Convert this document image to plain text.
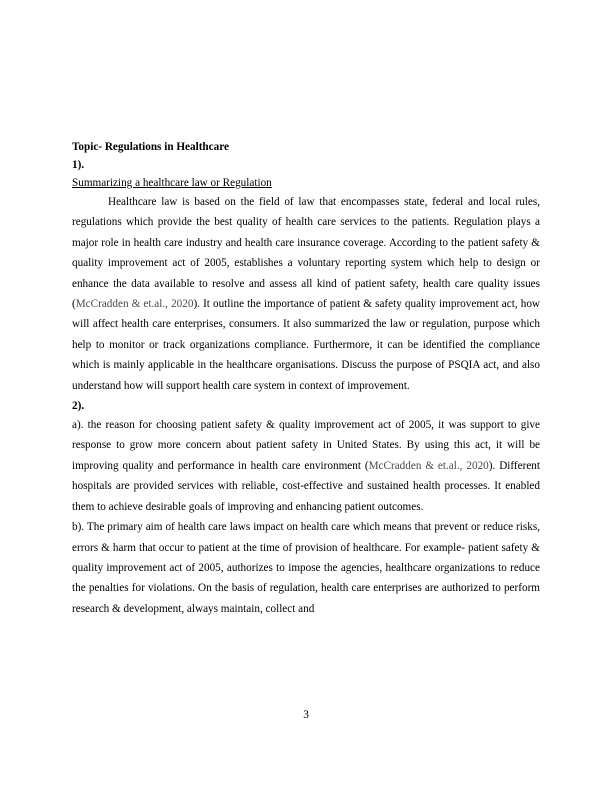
Topic- Regulations in Healthcare
1).
Summarizing a healthcare law or Regulation
Healthcare law is based on the field of law that encompasses state, federal and local rules, regulations which provide the best quality of health care services to the patients. Regulation plays a major role in health care industry and health care insurance coverage. According to the patient safety & quality improvement act of 2005, establishes a voluntary reporting system which help to design or enhance the data available to resolve and assess all kind of patient safety, health care quality issues (McCradden & et.al., 2020). It outline the importance of patient & safety quality improvement act, how will affect health care enterprises, consumers. It also summarized the law or regulation, purpose which help to monitor or track organizations compliance. Furthermore, it can be identified the compliance which is mainly applicable in the healthcare organisations. Discuss the purpose of PSQIA act, and also understand how will support health care system in context of improvement.
2).
a). the reason for choosing patient safety & quality improvement act of 2005, it was support to give response to grow more concern about patient safety in United States. By using this act, it will be improving quality and performance in health care environment (McCradden & et.al., 2020). Different hospitals are provided services with reliable, cost-effective and sustained health processes. It enabled them to achieve desirable goals of improving and enhancing patient outcomes.
b). The primary aim of health care laws impact on health care which means that prevent or reduce risks, errors & harm that occur to patient at the time of provision of healthcare. For example- patient safety & quality improvement act of 2005, authorizes to impose the agencies, healthcare organizations to reduce the penalties for violations. On the basis of regulation, health care enterprises are authorized to perform research & development, always maintain, collect and
3
